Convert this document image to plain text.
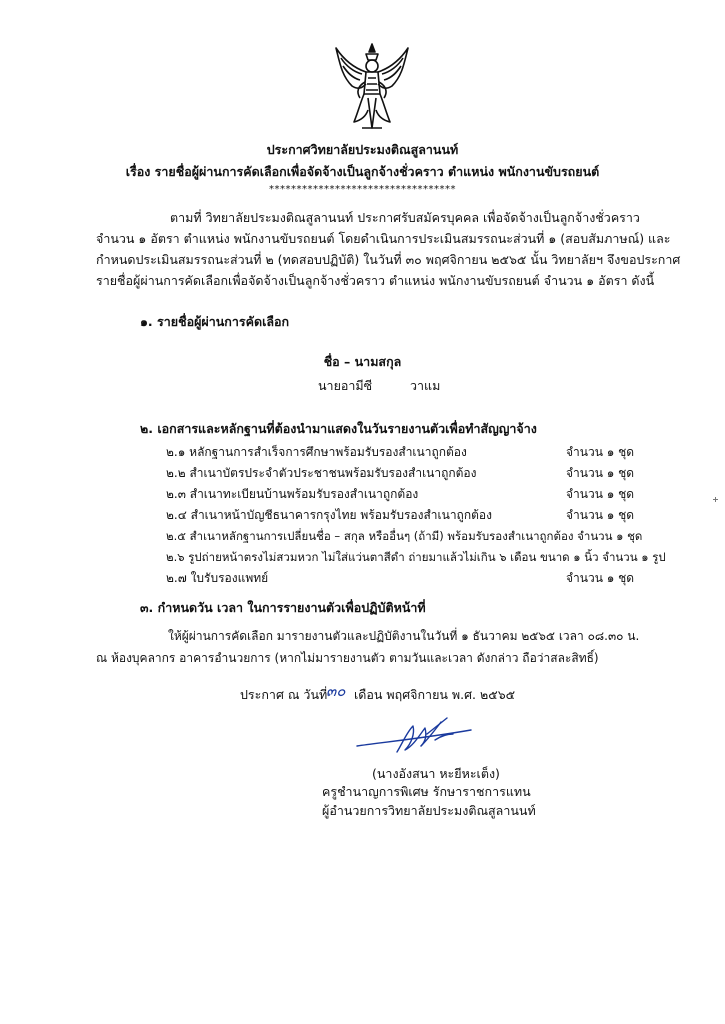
ประกาศวิทยาลัยประมงติณสูลานนท์
เรื่อง รายชื่อผู้ผ่านการคัดเลือกเพื่อจัดจ้างเป็นลูกจ้างชั่วคราว ตำแหน่ง พนักงานขับรถยนต์
**********************************
ตามที่ วิทยาลัยประมงติณสูลานนท์ ประกาศรับสมัครบุคคล เพื่อจัดจ้างเป็นลูกจ้างชั่วคราว
จำนวน ๑ อัตรา ตำแหน่ง พนักงานขับรถยนต์ โดยดำเนินการประเมินสมรรถนะส่วนที่ ๑ (สอบสัมภาษณ์) และ
กำหนดประเมินสมรรถนะส่วนที่ ๒ (ทดสอบปฏิบัติ) ในวันที่ ๓๐ พฤศจิกายน ๒๕๖๕ นั้น วิทยาลัยฯ จึงขอประกาศ
รายชื่อผู้ผ่านการคัดเลือกเพื่อจัดจ้างเป็นลูกจ้างชั่วคราว ตำแหน่ง พนักงานขับรถยนต์ จำนวน ๑ อัตรา ดังนี้
๑. รายชื่อผู้ผ่านการคัดเลือก
ชื่อ – นามสกุล
นายอามีซี	วาแม
๒. เอกสารและหลักฐานที่ต้องนำมาแสดงในวันรายงานตัวเพื่อทำสัญญาจ้าง
๒.๑ หลักฐานการสำเร็จการศึกษาพร้อมรับรองสำเนาถูกต้อง	จำนวน ๑ ชุด
๒.๒ สำเนาบัตรประจำตัวประชาชนพร้อมรับรองสำเนาถูกต้อง	จำนวน ๑ ชุด
๒.๓ สำเนาทะเบียนบ้านพร้อมรับรองสำเนาถูกต้อง	จำนวน ๑ ชุด
๒.๔ สำเนาหน้าบัญชีธนาคารกรุงไทย พร้อมรับรองสำเนาถูกต้อง	จำนวน ๑ ชุด
๒.๕ สำเนาหลักฐานการเปลี่ยนชื่อ – สกุล หรืออื่นๆ (ถ้ามี) พร้อมรับรองสำเนาถูกต้อง จำนวน ๑ ชุด
๒.๖ รูปถ่ายหน้าตรงไม่สวมหวก ไม่ใส่แว่นตาสีดำ ถ่ายมาแล้วไม่เกิน ๖ เดือน ขนาด ๑ นิ้ว จำนวน ๑ รูป
๒.๗ ใบรับรองแพทย์	จำนวน ๑ ชุด
๓. กำหนดวัน เวลา ในการรายงานตัวเพื่อปฏิบัติหน้าที่
ให้ผู้ผ่านการคัดเลือก มารายงานตัวและปฏิบัติงานในวันที่ ๑ ธันวาคม ๒๕๖๕ เวลา ๐๘.๓๐ น.
ณ ห้องบุคลากร อาคารอำนวยการ (หากไม่มารายงานตัว ตามวันและเวลา ดังกล่าว ถือว่าสละสิทธิ์)
ประกาศ ณ วันที่
๓๐ เดือน พฤศจิกายน พ.ศ. ๒๕๖๕
(นางอังสนา หะยีหะเต็ง)
ครูชำนาญการพิเศษ รักษาราชการแทน
ผู้อำนวยการวิทยาลัยประมงติณสูลานนท์
